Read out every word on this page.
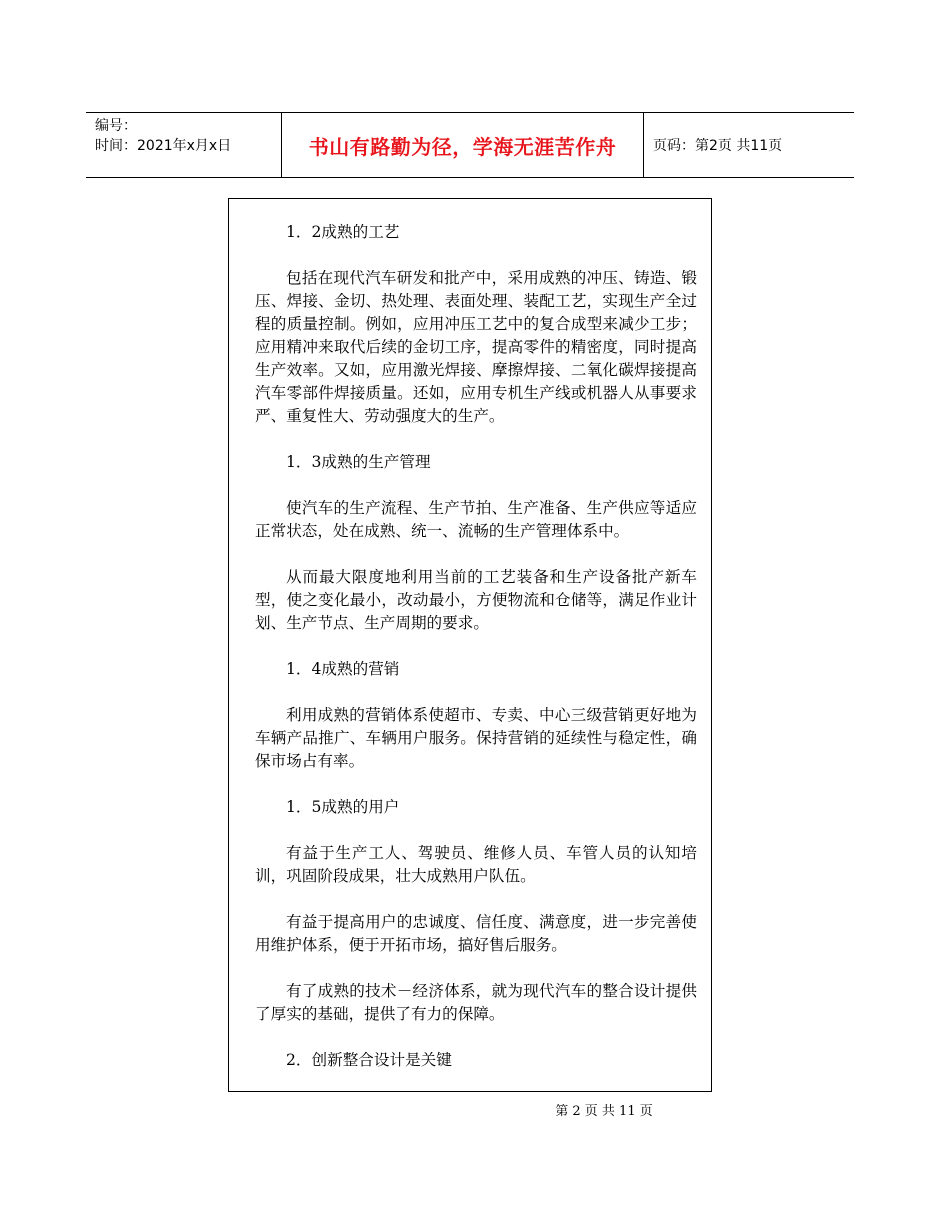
编号：
时间：2021年x月x日	书山有路勤为径，学海无涯苦作舟	页码：第2页 共11页

1．2成熟的工艺

包括在现代汽车研发和批产中，采用成熟的冲压、铸造、锻压、焊接、金切、热处理、表面处理、装配工艺，实现生产全过程的质量控制。例如，应用冲压工艺中的复合成型来减少工步；应用精冲来取代后续的金切工序，提高零件的精密度，同时提高生产效率。又如，应用激光焊接、摩擦焊接、二氧化碳焊接提高汽车零部件焊接质量。还如，应用专机生产线或机器人从事要求严、重复性大、劳动强度大的生产。

1．3成熟的生产管理

使汽车的生产流程、生产节拍、生产准备、生产供应等适应正常状态，处在成熟、统一、流畅的生产管理体系中。

从而最大限度地利用当前的工艺装备和生产设备批产新车型，使之变化最小，改动最小，方便物流和仓储等，满足作业计划、生产节点、生产周期的要求。

1．4成熟的营销

利用成熟的营销体系使超市、专卖、中心三级营销更好地为车辆产品推广、车辆用户服务。保持营销的延续性与稳定性，确保市场占有率。

1．5成熟的用户

有益于生产工人、驾驶员、维修人员、车管人员的认知培训，巩固阶段成果，壮大成熟用户队伍。

有益于提高用户的忠诚度、信任度、满意度，进一步完善使用维护体系，便于开拓市场，搞好售后服务。

有了成熟的技术－经济体系，就为现代汽车的整合设计提供了厚实的基础，提供了有力的保障。

2．创新整合设计是关键

第 2 页 共 11 页
